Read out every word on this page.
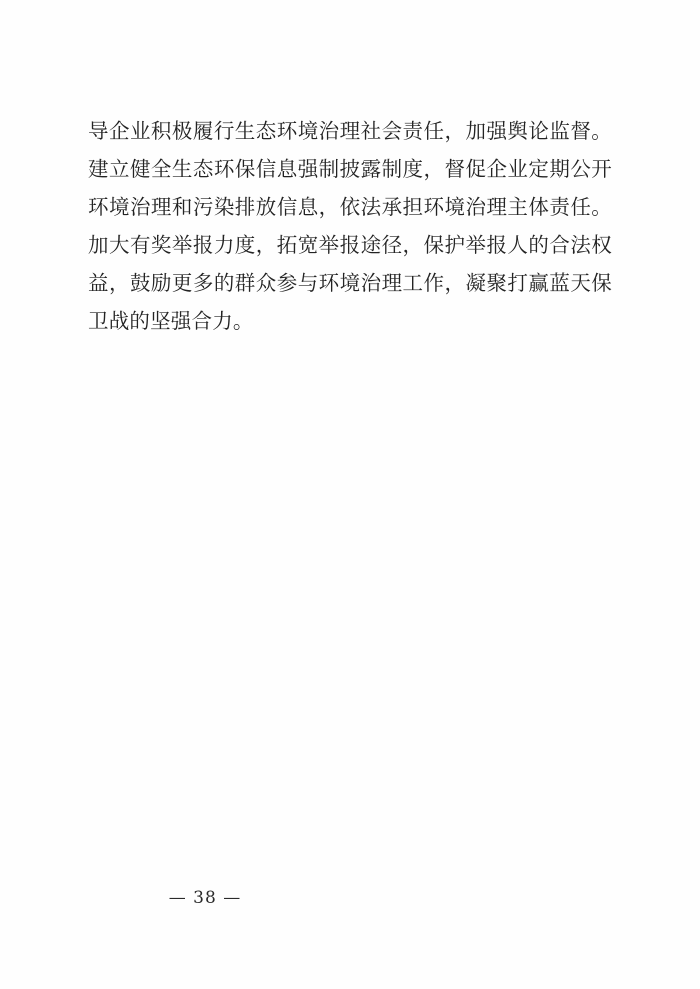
导企业积极履行生态环境治理社会责任，加强舆论监督。建立健全生态环保信息强制披露制度，督促企业定期公开环境治理和污染排放信息，依法承担环境治理主体责任。加大有奖举报力度，拓宽举报途径，保护举报人的合法权益，鼓励更多的群众参与环境治理工作，凝聚打赢蓝天保卫战的坚强合力。

— 38 —
